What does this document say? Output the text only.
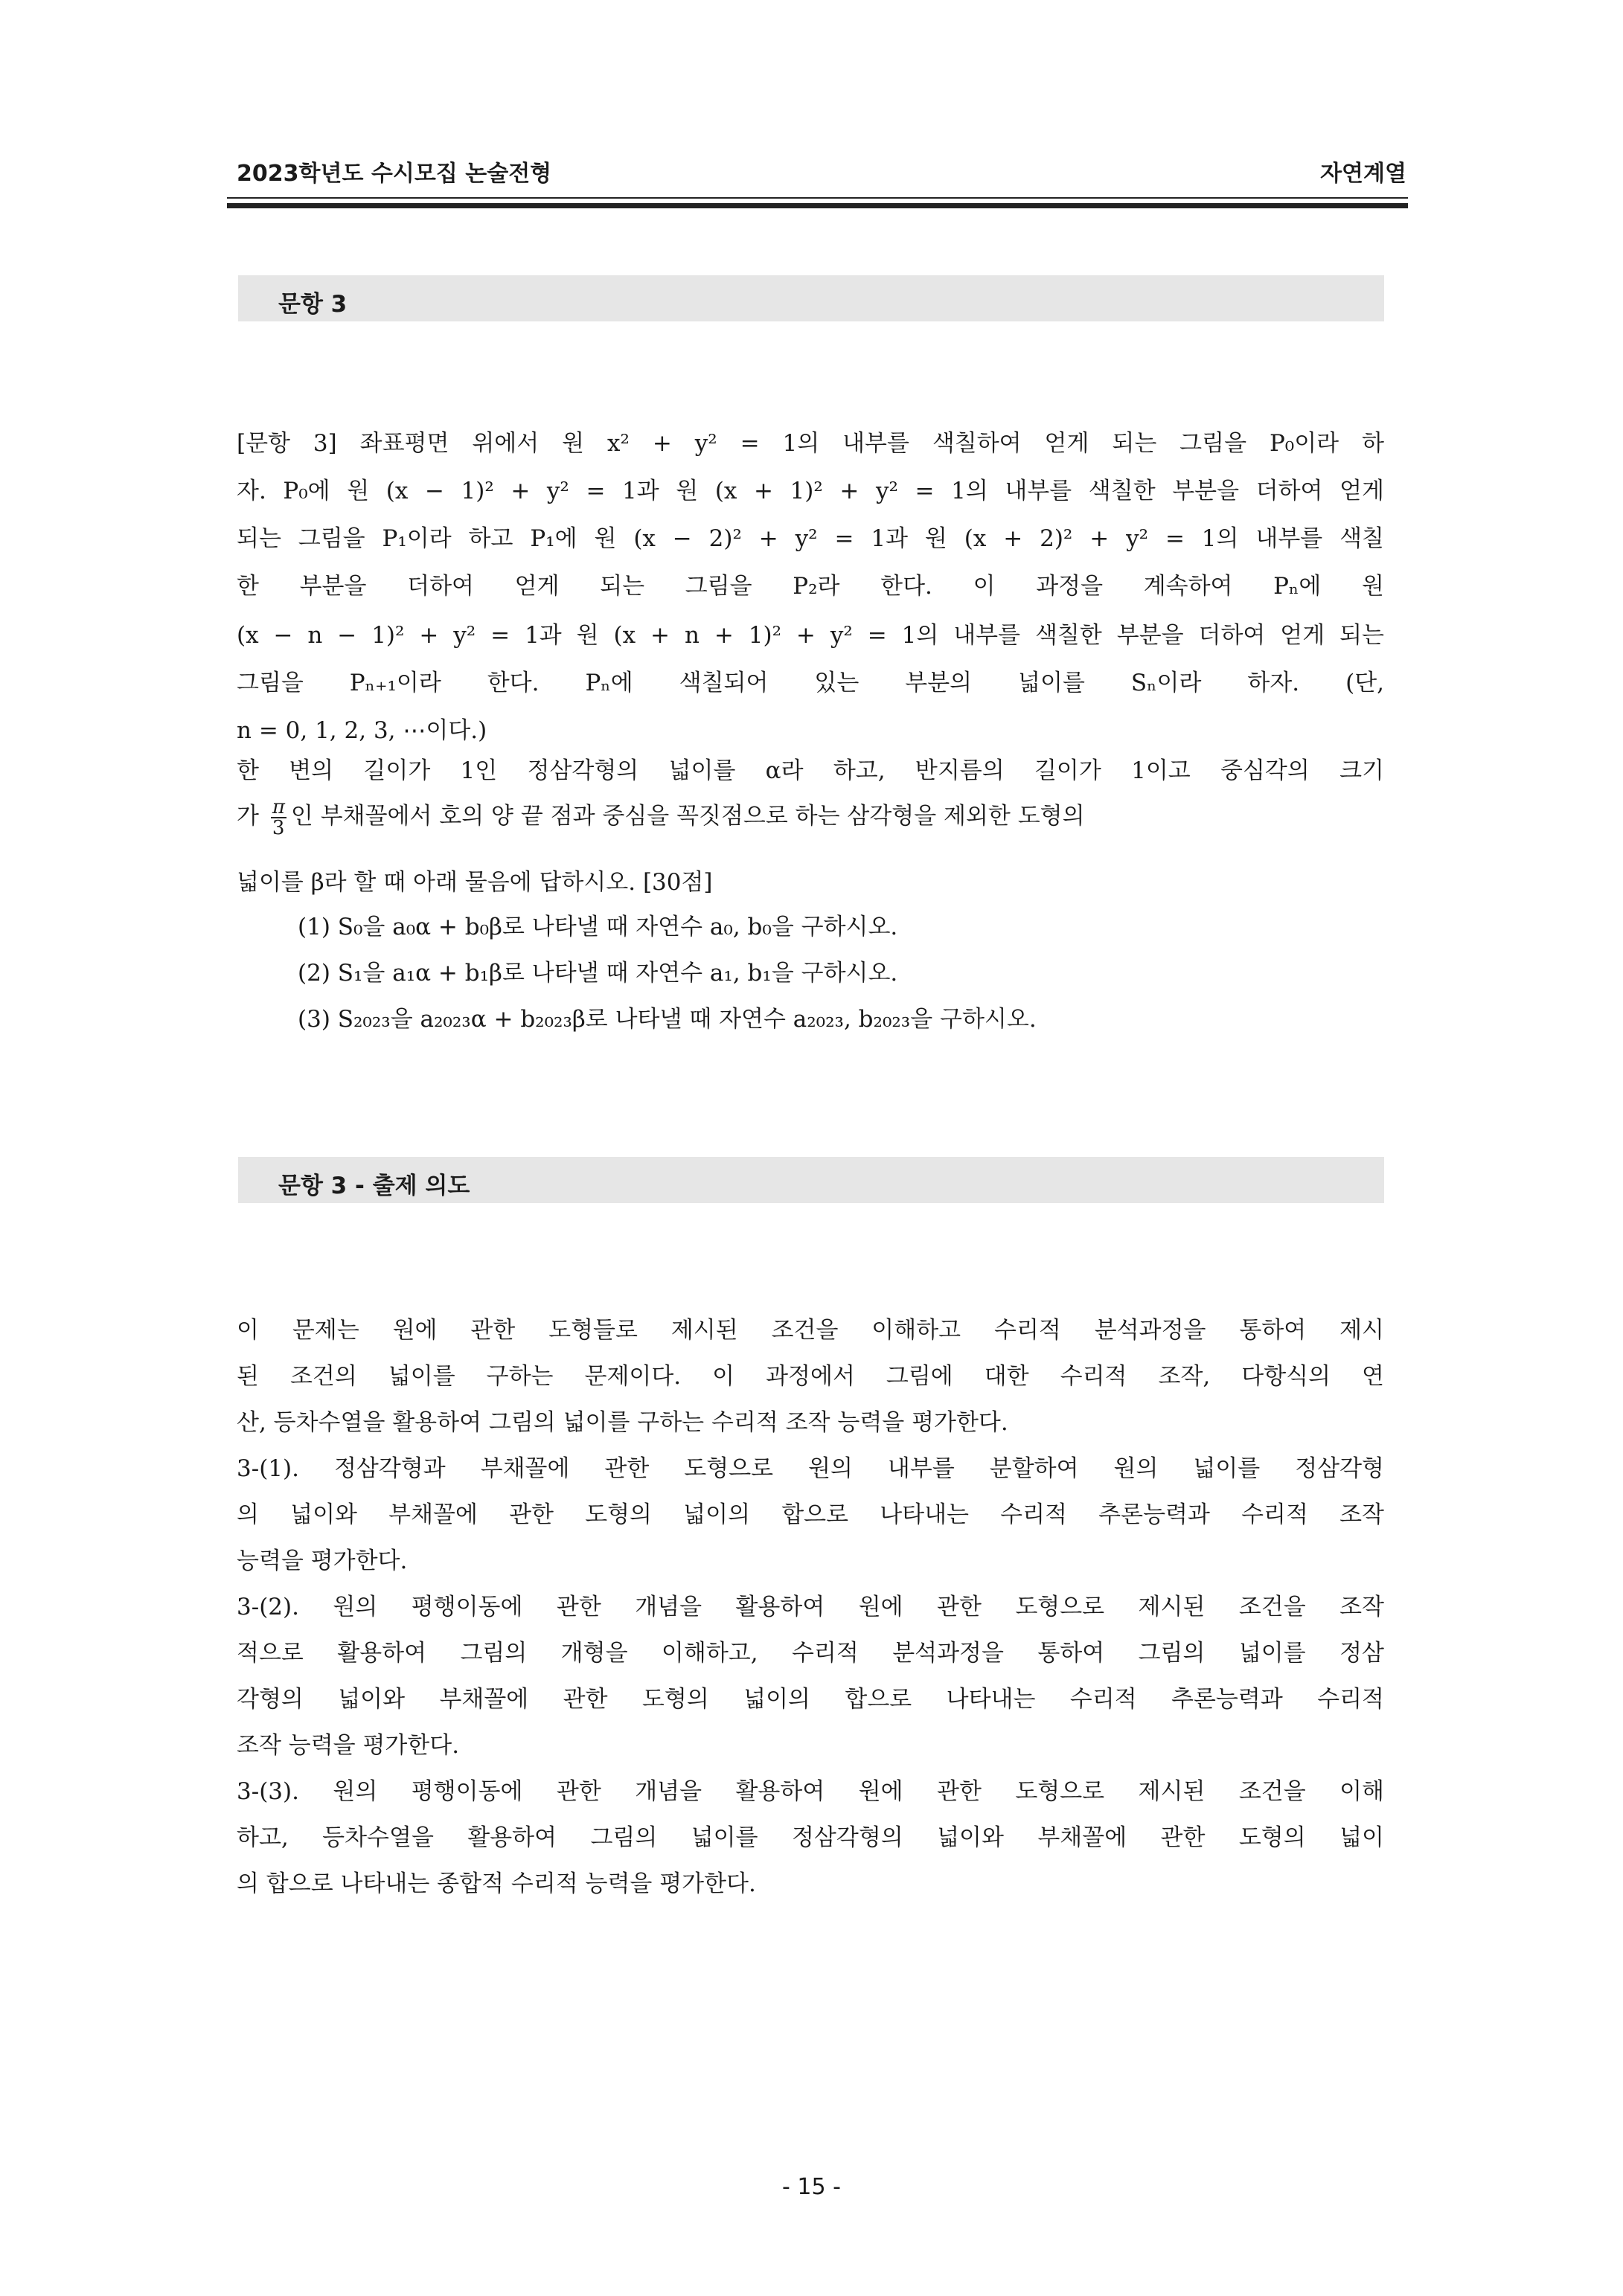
2023학년도 수시모집 논술전형	자연계열
문항 3
[문항 3] 좌표평면 위에서 원 x² + y² = 1의 내부를 색칠하여 얻게 되는 그림을 P₀이라 하
자. P₀에 원 (x − 1)² + y² = 1과 원 (x + 1)² + y² = 1의 내부를 색칠한 부분을 더하여 얻게
되는 그림을 P₁이라 하고 P₁에 원 (x − 2)² + y² = 1과 원 (x + 2)² + y² = 1의 내부를 색칠
한 부분을 더하여 얻게 되는 그림을 P₂라 한다. 이 과정을 계속하여 Pₙ에 원
(x − n − 1)² + y² = 1과 원 (x + n + 1)² + y² = 1의 내부를 색칠한 부분을 더하여 얻게 되는
그림을 Pₙ₊₁이라 한다. Pₙ에 색칠되어 있는 부분의 넓이를 Sₙ이라 하자. (단,
n = 0, 1, 2, 3, ⋯이다.)
한 변의 길이가 1인 정삼각형의 넓이를 α라 하고, 반지름의 길이가 1이고 중심각의 크기
가 $\frac{\pi}{3}$ 인 부채꼴에서 호의 양 끝 점과 중심을 꼭짓점으로 하는 삼각형을 제외한 도형의
넓이를 β라 할 때 아래 물음에 답하시오. [30점]
(1) S₀을 a₀α + b₀β로 나타낼 때 자연수 a₀, b₀을 구하시오.
(2) S₁을 a₁α + b₁β로 나타낼 때 자연수 a₁, b₁을 구하시오.
(3) S₂₀₂₃을 a₂₀₂₃α + b₂₀₂₃β로 나타낼 때 자연수 a₂₀₂₃, b₂₀₂₃을 구하시오.
문항 3 - 출제 의도
이 문제는 원에 관한 도형들로 제시된 조건을 이해하고 수리적 분석과정을 통하여 제시
된 조건의 넓이를 구하는 문제이다. 이 과정에서 그림에 대한 수리적 조작, 다항식의 연
산, 등차수열을 활용하여 그림의 넓이를 구하는 수리적 조작 능력을 평가한다.
3-(1). 정삼각형과 부채꼴에 관한 도형으로 원의 내부를 분할하여 원의 넓이를 정삼각형
의 넓이와 부채꼴에 관한 도형의 넓이의 합으로 나타내는 수리적 추론능력과 수리적 조작
능력을 평가한다.
3-(2). 원의 평행이동에 관한 개념을 활용하여 원에 관한 도형으로 제시된 조건을 조작
적으로 활용하여 그림의 개형을 이해하고, 수리적 분석과정을 통하여 그림의 넓이를 정삼
각형의 넓이와 부채꼴에 관한 도형의 넓이의 합으로 나타내는 수리적 추론능력과 수리적
조작 능력을 평가한다.
3-(3). 원의 평행이동에 관한 개념을 활용하여 원에 관한 도형으로 제시된 조건을 이해
하고, 등차수열을 활용하여 그림의 넓이를 정삼각형의 넓이와 부채꼴에 관한 도형의 넓이
의 합으로 나타내는 종합적 수리적 능력을 평가한다.
- 15 -
